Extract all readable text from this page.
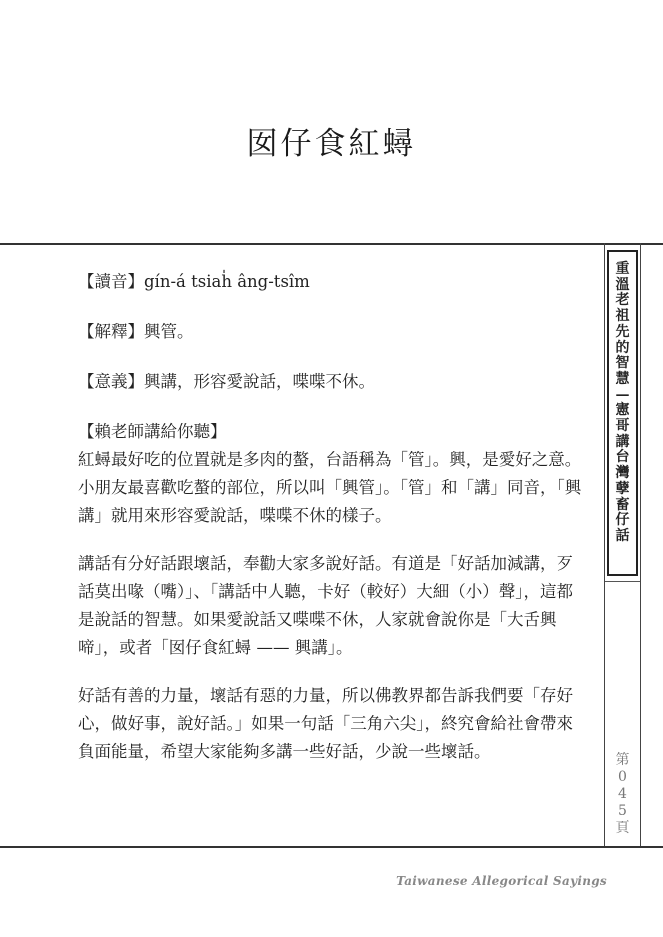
囡仔食紅蟳

【讀音】gín-á tsiah̍ âng-tsîm

【解釋】興管。

【意義】興講，形容愛說話，喋喋不休。

【賴老師講給你聽】

紅蟳最好吃的位置就是多肉的螯，台語稱為「管」。興，是愛好之意。小朋友最喜歡吃螯的部位，所以叫「興管」。「管」和「講」同音，「興講」就用來形容愛說話，喋喋不休的樣子。

講話有分好話跟壞話，奉勸大家多說好話。有道是「好話加減講，歹話莫出喙（嘴）」、「講話中人聽，卡好（較好）大細（小）聲」，這都是說話的智慧。如果愛說話又喋喋不休，人家就會說你是「大舌興啼」，或者「囡仔食紅蟳 —— 興講」。

好話有善的力量，壞話有惡的力量，所以佛教界都告訴我們要「存好心，做好事，說好話。」如果一句話「三角六尖」，終究會給社會帶來負面能量，希望大家能夠多講一些好話，少說一些壞話。

重
溫
老
祖
先
的
智
慧
—
憲
哥
講
台
灣
孽
畜
仔
話
第
0
4
5
頁
Taiwanese Allegorical Sayings
